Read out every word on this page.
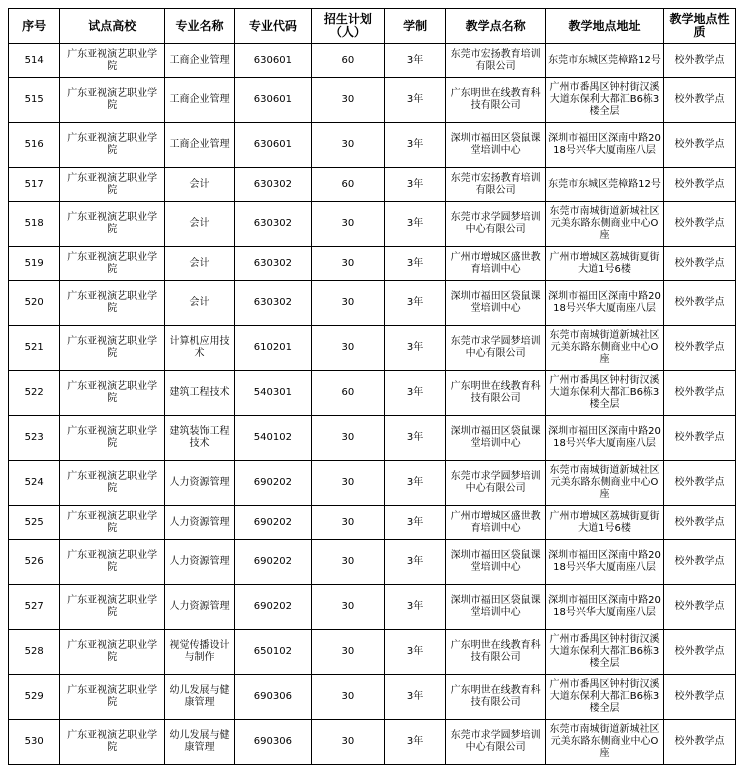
序号	试点高校	专业名称	专业代码	招生计划（人）	学制	教学点名称	教学地点地址	教学地点性质
514	广东亚视演艺职业学院	工商企业管理	630601	60	3年	东莞市宏扬教育培训有限公司	东莞市东城区莞樟路12号	校外教学点
515	广东亚视演艺职业学院	工商企业管理	630601	30	3年	广东明世在线教育科技有限公司	广州市番禺区钟村街汉溪大道东保利大都汇B6栋3楼全层	校外教学点
516	广东亚视演艺职业学院	工商企业管理	630601	30	3年	深圳市福田区袋鼠课堂培训中心	深圳市福田区深南中路2018号兴华大厦南座八层	校外教学点
517	广东亚视演艺职业学院	会计	630302	60	3年	东莞市宏扬教育培训有限公司	东莞市东城区莞樟路12号	校外教学点
518	广东亚视演艺职业学院	会计	630302	30	3年	东莞市求学圆梦培训中心有限公司	东莞市南城街道新城社区元美东路东侧商业中心O座	校外教学点
519	广东亚视演艺职业学院	会计	630302	30	3年	广州市增城区盛世教育培训中心	广州市增城区荔城街夏街大道1号6楼	校外教学点
520	广东亚视演艺职业学院	会计	630302	30	3年	深圳市福田区袋鼠课堂培训中心	深圳市福田区深南中路2018号兴华大厦南座八层	校外教学点
521	广东亚视演艺职业学院	计算机应用技术	610201	30	3年	东莞市求学圆梦培训中心有限公司	东莞市南城街道新城社区元美东路东侧商业中心O座	校外教学点
522	广东亚视演艺职业学院	建筑工程技术	540301	60	3年	广东明世在线教育科技有限公司	广州市番禺区钟村街汉溪大道东保利大都汇B6栋3楼全层	校外教学点
523	广东亚视演艺职业学院	建筑装饰工程技术	540102	30	3年	深圳市福田区袋鼠课堂培训中心	深圳市福田区深南中路2018号兴华大厦南座八层	校外教学点
524	广东亚视演艺职业学院	人力资源管理	690202	30	3年	东莞市求学圆梦培训中心有限公司	东莞市南城街道新城社区元美东路东侧商业中心O座	校外教学点
525	广东亚视演艺职业学院	人力资源管理	690202	30	3年	广州市增城区盛世教育培训中心	广州市增城区荔城街夏街大道1号6楼	校外教学点
526	广东亚视演艺职业学院	人力资源管理	690202	30	3年	深圳市福田区袋鼠课堂培训中心	深圳市福田区深南中路2018号兴华大厦南座八层	校外教学点
527	广东亚视演艺职业学院	人力资源管理	690202	30	3年	深圳市福田区袋鼠课堂培训中心	深圳市福田区深南中路2018号兴华大厦南座八层	校外教学点
528	广东亚视演艺职业学院	视觉传播设计与制作	650102	30	3年	广东明世在线教育科技有限公司	广州市番禺区钟村街汉溪大道东保利大都汇B6栋3楼全层	校外教学点
529	广东亚视演艺职业学院	幼儿发展与健康管理	690306	30	3年	广东明世在线教育科技有限公司	广州市番禺区钟村街汉溪大道东保利大都汇B6栋3楼全层	校外教学点
530	广东亚视演艺职业学院	幼儿发展与健康管理	690306	30	3年	东莞市求学圆梦培训中心有限公司	东莞市南城街道新城社区元美东路东侧商业中心O座	校外教学点
